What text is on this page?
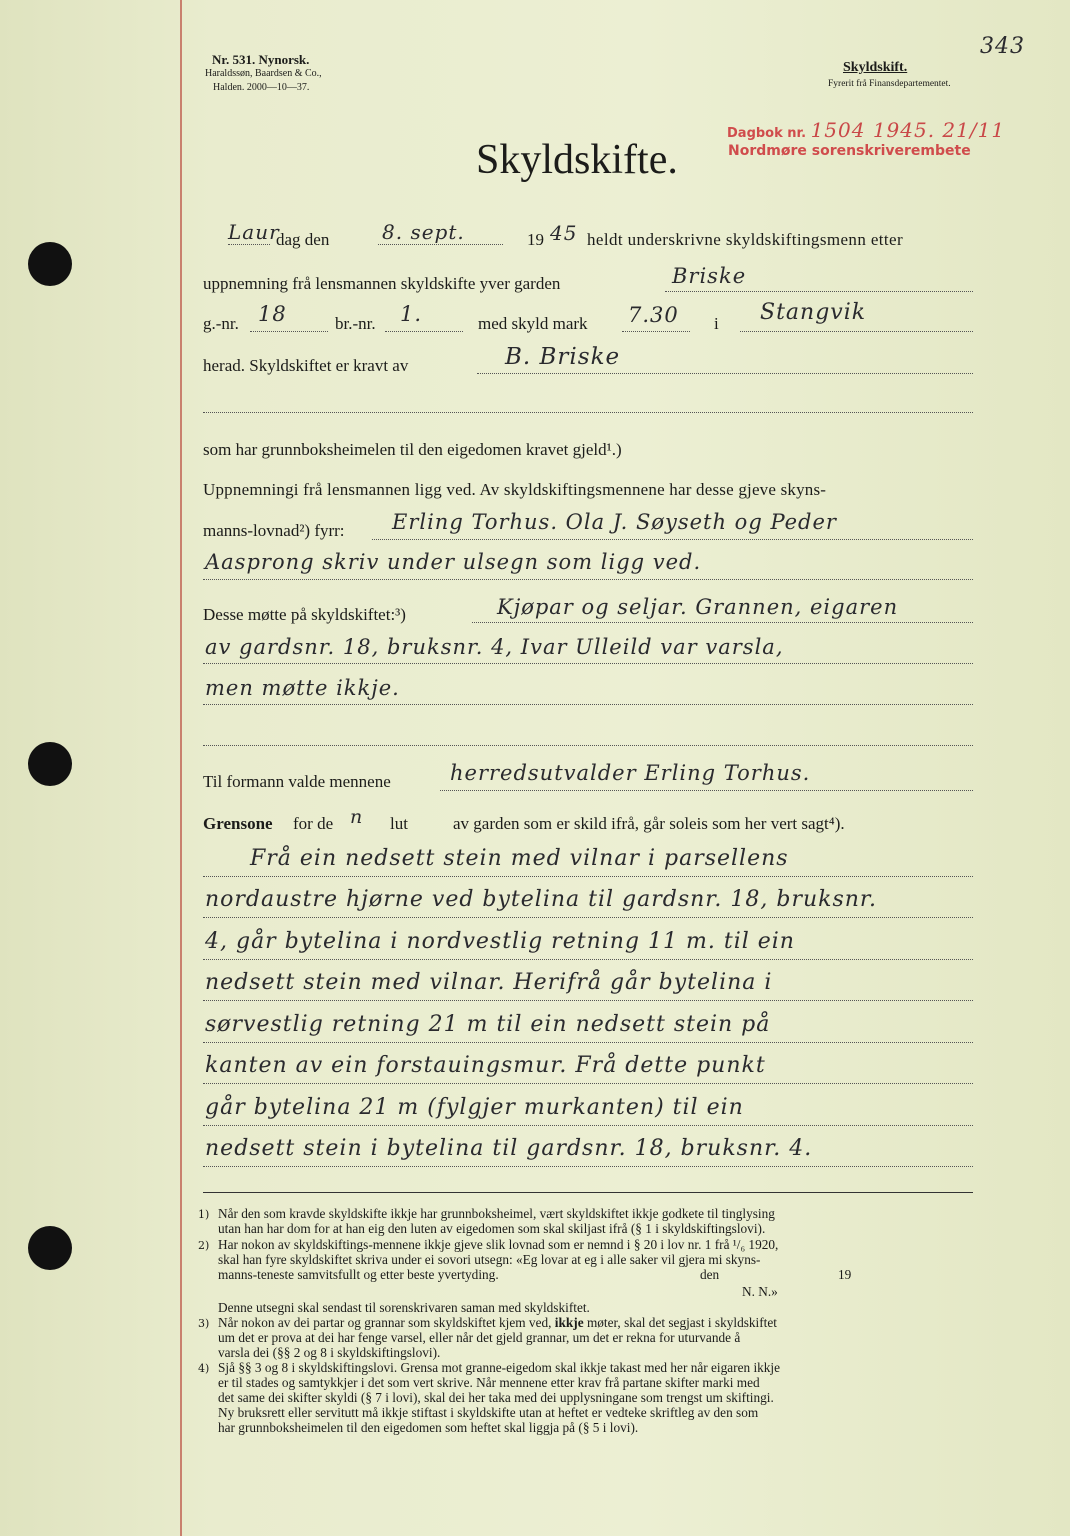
Nr. 531. Nynorsk.
Haraldssøn, Baardsen & Co.,
Halden. 2000—10—37.
Skyldskift.
Fyrerit frå Finansdepartementet.
343
Dagbok nr. 1504 1945. 21/11
Nordmøre sorenskriverembete
Skyldskifte.
Laur
dag den	8. sept.	19 45 heldt underskrivne skyldskiftingsmenn etter
uppnemning frå lensmannen skyldskifte yver garden	Briske
g.-nr. 18	br.-nr. 1.	med skyld mark 7.30 i Stangvik
herad. Skyldskiftet er kravt av	B. Briske
som har grunnboksheimelen til den eigedomen kravet gjeld¹.)
Uppnemningi frå lensmannen ligg ved. Av skyldskiftingsmennene har desse gjeve skyns-
manns-lovnad²) fyrr: Erling Torhus. Ola J. Søyseth og Peder
Aasprong skriv under ulsegn som ligg ved.
Desse møtte på skyldskiftet:³)	Kjøpar og seljar. Grannen, eigaren
av gardsnr. 18, bruksnr. 4, Ivar Ulleild var varsla,
men møtte ikkje.
Til formann valde mennene	herredsutvalder Erling Torhus.
Grensone for de n lut	av garden som er skild ifrå, går soleis som her vert sagt⁴).
Frå ein nedsett stein med vilnar i parsellens
nordaustre hjørne ved bytelina til gardsnr. 18, bruksnr.
4, går bytelina i nordvestlig retning 11 m. til ein
nedsett stein med vilnar. Herifrå går bytelina i
sørvestlig retning 21 m til ein nedsett stein på
kanten av ein forstauingsmur. Frå dette punkt
går bytelina 21 m (fylgjer murkanten) til ein
nedsett stein i bytelina til gardsnr. 18, bruksnr. 4.
1) Når den som kravde skyldskifte ikkje har grunnboksheimel, vært skyldskiftet ikkje godkete til tinglysing
utan han har dom for at han eig den luten av eigedomen som skal skiljast ifrå (§ 1 i skyldskiftingslovi).
2) Har nokon av skyldskiftings-mennene ikkje gjeve slik lovnad som er nemnd i § 20 i lov nr. 1 frå ¹/₆ 1920,
skal han fyre skyldskiftet skriva under ei sovori utsegn: «Eg lovar at eg i alle saker vil gjera mi skyns-
manns-teneste samvitsfullt og etter beste yvertyding.	den	19
N. N.»
Denne utsegni skal sendast til sorenskrivaren saman med skyldskiftet.
3) Når nokon av dei partar og grannar som skyldskiftet kjem ved, ikkje møter, skal det segjast i skyldskiftet
um det er prova at dei har fenge varsel, eller når det gjeld grannar, um det er rekna for uturvande å
varsla dei (§§ 2 og 8 i skyldskiftingslovi).
4) Sjå §§ 3 og 8 i skyldskiftingslovi. Grensa mot granne-eigedom skal ikkje takast med her når eigaren ikkje
er til stades og samtykkjer i det som vert skrive. Når mennene etter krav frå partane skifter marki med
det same dei skifter skyldi (§ 7 i lovi), skal dei her taka med dei upplysningane som trengst um skiftingi.
Ny bruksrett eller servitutt må ikkje stiftast i skyldskifte utan at heftet er vedteke skriftleg av den som
har grunnboksheimelen til den eigedomen som heftet skal liggja på (§ 5 i lovi).
